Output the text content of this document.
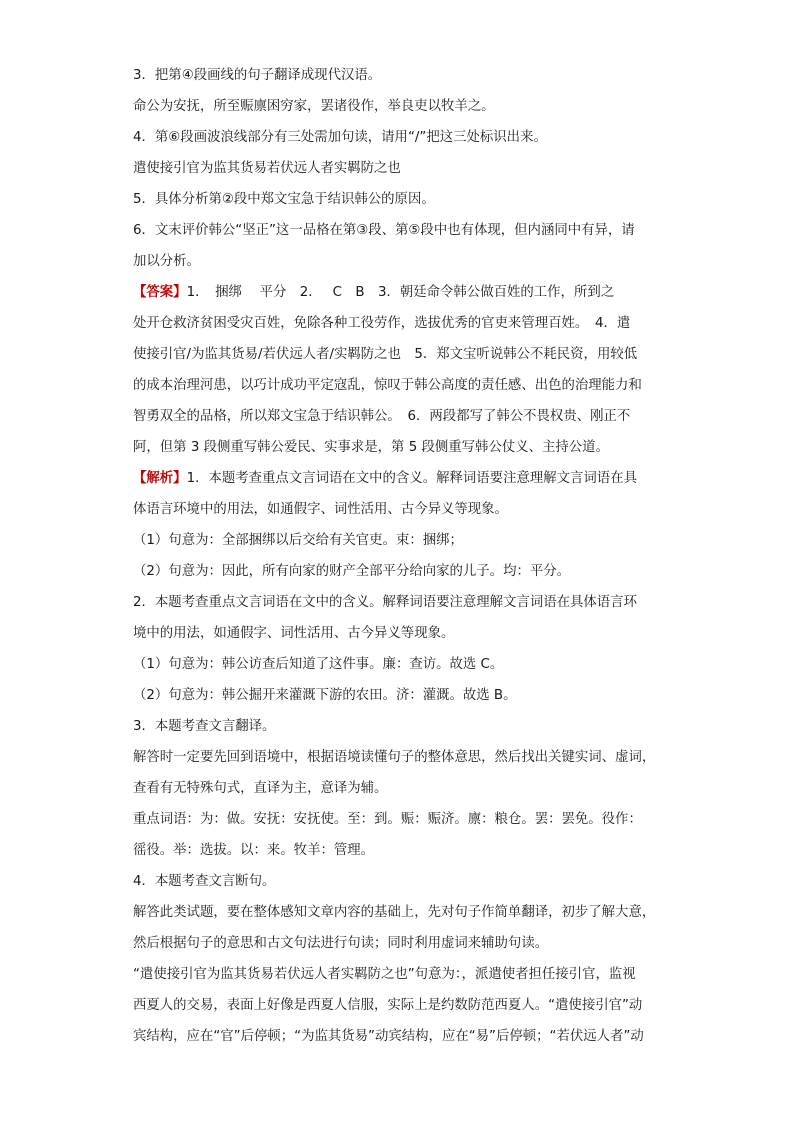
3．把第④段画线的句子翻译成现代汉语。
命公为安抚，所至赈廪困穷家，罢诸役作，举良吏以牧羊之。
4．第⑥段画波浪线部分有三处需加句读，请用“/”把这三处标识出来。
遣使接引官为监其货易若伏远人者实羁防之也
5．具体分析第②段中郑文宝急于结识韩公的原因。
6．文末评价韩公“坚正”这一品格在第③段、第⑤段中也有体现，但内涵同中有异，请
加以分析。
【答案】1．　捆绑　 平分　2．　 C　B　3．朝廷命令韩公做百姓的工作，所到之
处开仓救济贫困受灾百姓，免除各种工役劳作，选拔优秀的官吏来管理百姓。　4．遣
使接引官/为监其货易/若伏远人者/实羁防之也　5．郑文宝听说韩公不耗民资，用较低
的成本治理河患，以巧计成功平定寇乱，惊叹于韩公高度的责任感、出色的治理能力和
智勇双全的品格，所以郑文宝急于结识韩公。　6．两段都写了韩公不畏权贵、刚正不
阿，但第 3 段侧重写韩公爱民、实事求是，第 5 段侧重写韩公仗义、主持公道。
【解析】1．本题考查重点文言词语在文中的含义。解释词语要注意理解文言词语在具
体语言环境中的用法，如通假字、词性活用、古今异义等现象。
（1）句意为：全部捆绑以后交给有关官吏。束：捆绑；
（2）句意为：因此，所有向家的财产全部平分给向家的儿子。均：平分。
2．本题考查重点文言词语在文中的含义。解释词语要注意理解文言词语在具体语言环
境中的用法，如通假字、词性活用、古今异义等现象。
（1）句意为：韩公访查后知道了这件事。廉：查访。故选 C。
（2）句意为：韩公掘开来灌溉下游的农田。济：灌溉。故选 B。
3．本题考查文言翻译。
解答时一定要先回到语境中，根据语境读懂句子的整体意思，然后找出关键实词、虚词，
查看有无特殊句式，直译为主，意译为辅。
重点词语：为：做。安抚：安抚使。至：到。赈：赈济。廪：粮仓。罢：罢免。役作：
徭役。举：选拔。以：来。牧羊：管理。
4．本题考查文言断句。
解答此类试题，要在整体感知文章内容的基础上，先对句子作简单翻译，初步了解大意，
然后根据句子的意思和古文句法进行句读；同时利用虚词来辅助句读。
“遣使接引官为监其货易若伏远人者实羁防之也”句意为：，派遣使者担任接引官，监视
西夏人的交易，表面上好像是西夏人信服，实际上是约数防范西夏人。“遣使接引官”动
宾结构，应在“官”后停顿；“为监其货易”动宾结构，应在“易”后停顿；“若伏远人者”动
